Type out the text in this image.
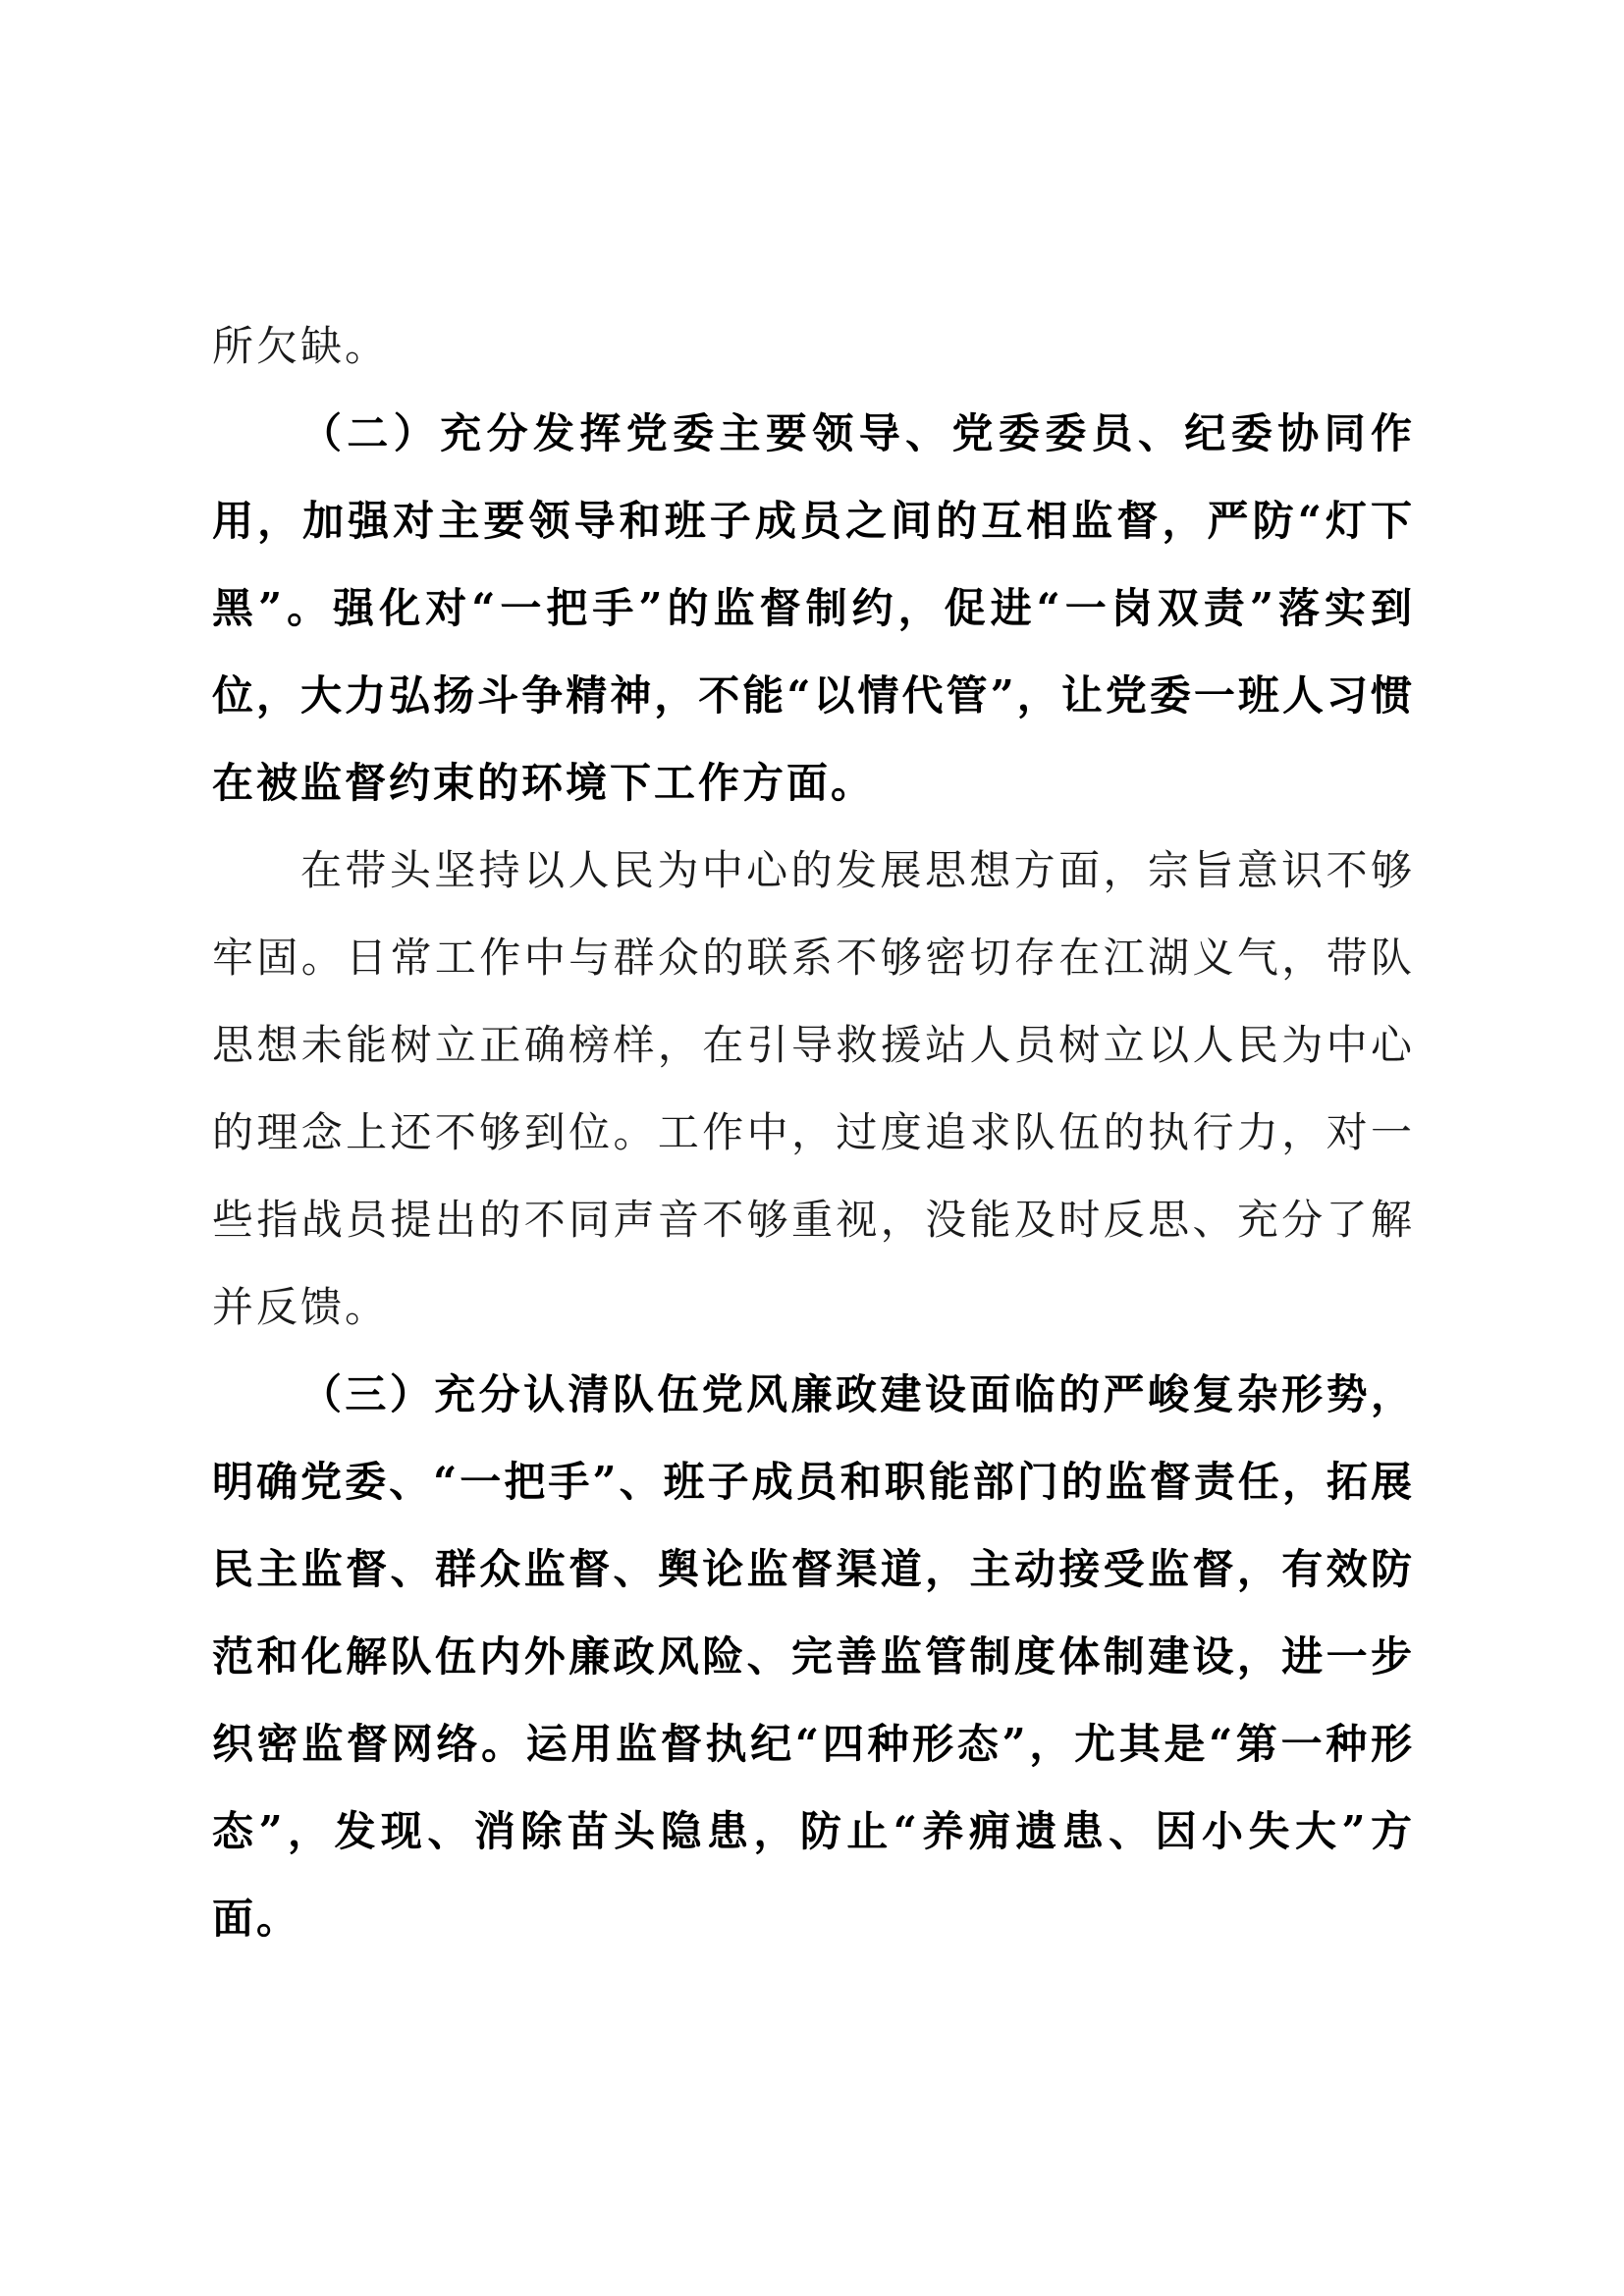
所欠缺。

（二）充分发挥党委主要领导、党委委员、纪委协同作用，加强对主要领导和班子成员之间的互相监督，严防“灯下黑”。强化对“一把手”的监督制约，促进“一岗双责”落实到位，大力弘扬斗争精神，不能“以情代管”，让党委一班人习惯在被监督约束的环境下工作方面。

在带头坚持以人民为中心的发展思想方面，宗旨意识不够牢固。日常工作中与群众的联系不够密切存在江湖义气，带队思想未能树立正确榜样，在引导救援站人员树立以人民为中心的理念上还不够到位。工作中，过度追求队伍的执行力，对一些指战员提出的不同声音不够重视，没能及时反思、充分了解并反馈。

（三）充分认清队伍党风廉政建设面临的严峻复杂形势，明确党委、“一把手”、班子成员和职能部门的监督责任，拓展民主监督、群众监督、舆论监督渠道，主动接受监督，有效防范和化解队伍内外廉政风险、完善监管制度体制建设，进一步织密监督网络。运用监督执纪“四种形态”，尤其是“第一种形态”，发现、消除苗头隐患，防止“养痈遗患、因小失大”方面。
